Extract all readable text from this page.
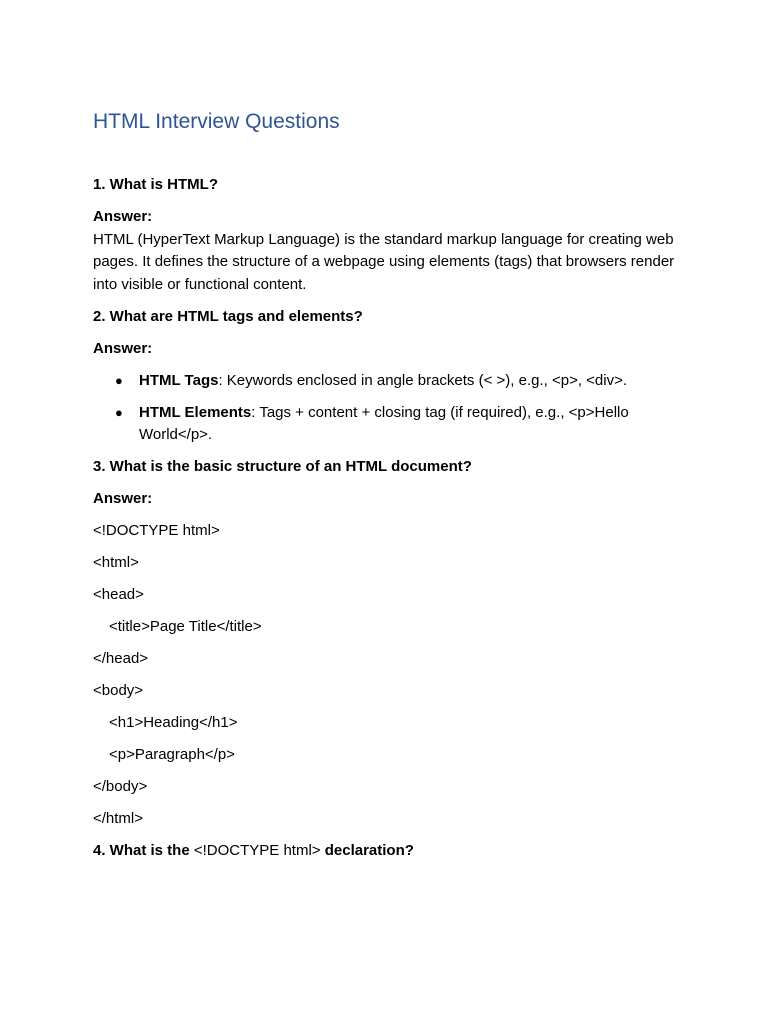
HTML Interview Questions

1. What is HTML?

Answer:

HTML (HyperText Markup Language) is the standard markup language for creating web pages. It defines the structure of a webpage using elements (tags) that browsers render into visible or functional content.

2. What are HTML tags and elements?

Answer:

● HTML Tags: Keywords enclosed in angle brackets (< >), e.g., <p>, <div>.
● HTML Elements: Tags + content + closing tag (if required), e.g., <p>Hello World</p>.

3. What is the basic structure of an HTML document?

Answer:

<!DOCTYPE html>

<html>

<head>

<title>Page Title</title>

</head>

<body>

<h1>Heading</h1>

<p>Paragraph</p>

</body>

</html>

4. What is the <!DOCTYPE html> declaration?
